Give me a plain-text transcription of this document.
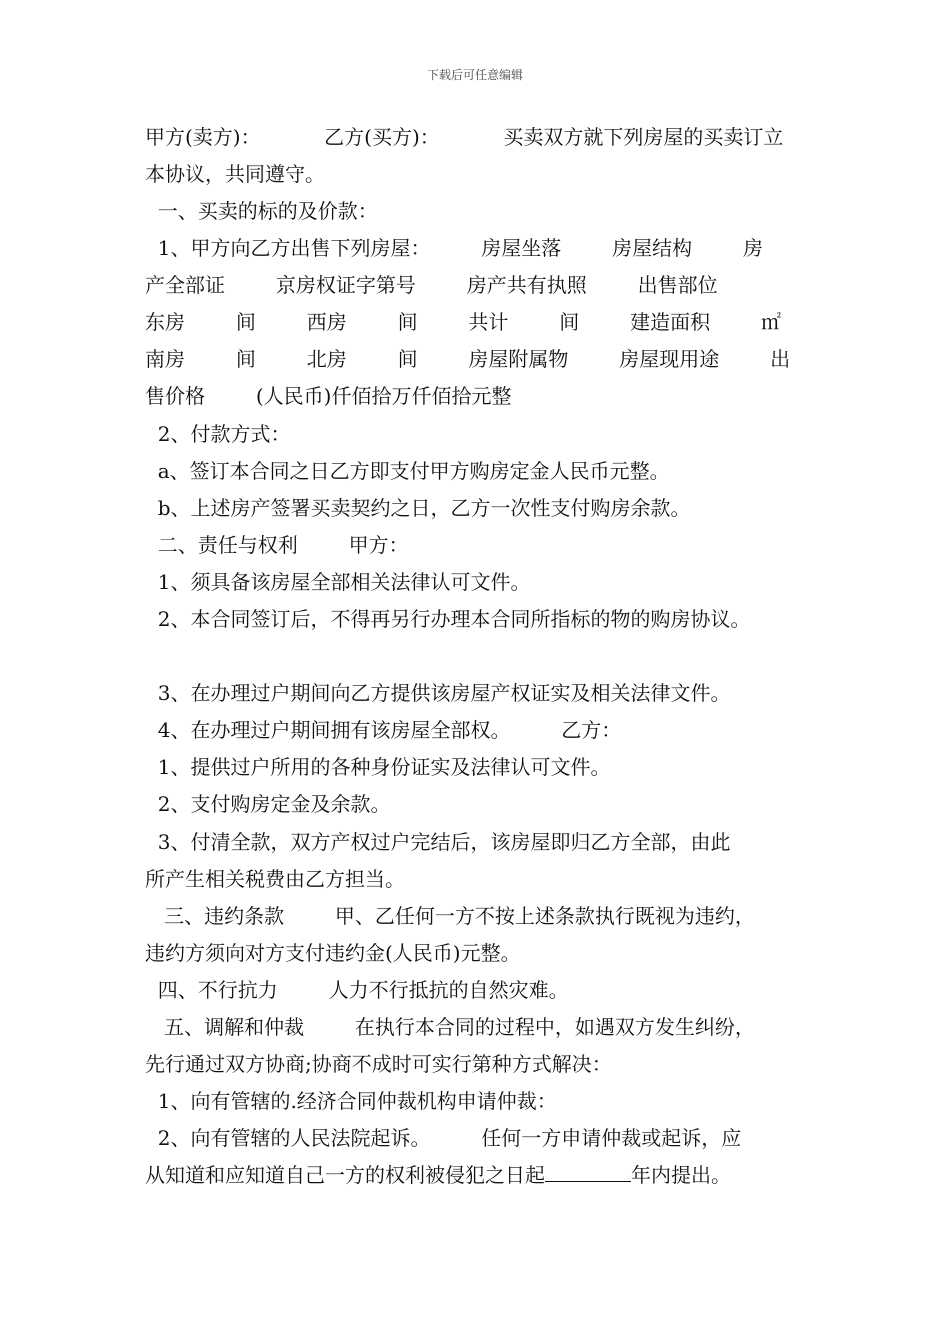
下载后可任意编辑
甲方(卖方)：          乙方(买方)：          买卖双方就下列房屋的买卖订立
本协议，共同遵守。
一、买卖的标的及价款：
1、甲方向乙方出售下列房屋：        房屋坐落        房屋结构        房
产全部证        京房权证字第号        房产共有执照        出售部位
东房        间        西房        间        共计        间        建造面积        ㎡
南房        间        北房        间        房屋附属物        房屋现用途        出
售价格        (人民币)仟佰拾万仟佰拾元整
2、付款方式：
a、签订本合同之日乙方即支付甲方购房定金人民币元整。
b、上述房产签署买卖契约之日，乙方一次性支付购房余款。
二、责任与权利        甲方：
1、须具备该房屋全部相关法律认可文件。
2、本合同签订后，不得再另行办理本合同所指标的物的购房协议。
3、在办理过户期间向乙方提供该房屋产权证实及相关法律文件。
4、在办理过户期间拥有该房屋全部权。        乙方：
1、提供过户所用的各种身份证实及法律认可文件。
2、支付购房定金及余款。
3、付清全款，双方产权过户完结后，该房屋即归乙方全部，由此
所产生相关税费由乙方担当。
三、违约条款        甲、乙任何一方不按上述条款执行既视为违约，
违约方须向对方支付违约金(人民币)元整。
四、不行抗力        人力不行抵抗的自然灾难。
五、调解和仲裁        在执行本合同的过程中，如遇双方发生纠纷，
先行通过双方协商;协商不成时可实行第种方式解决：
1、向有管辖的.经济合同仲裁机构申请仲裁：
2、向有管辖的人民法院起诉。        任何一方申请仲裁或起诉，应
从知道和应知道自己一方的权利被侵犯之日起	年内提出。
